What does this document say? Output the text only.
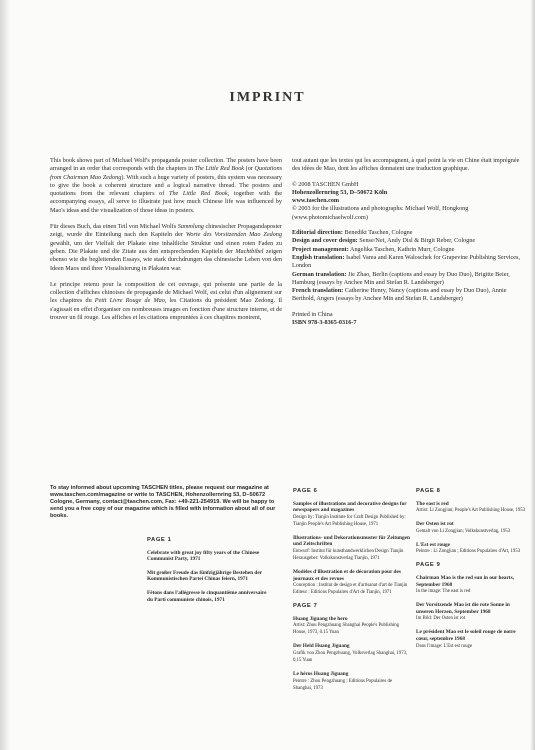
IMPRINT

This book shows part of Michael Wolf's propaganda poster collection. The posters have been arranged in an order that corresponds with the chapters in The Little Red Book (or Quotations from Chairman Mao Zedong). With such a huge variety of posters, this system was necessary to give the book a coherent structure and a logical narrative thread. The posters and quotations from the relevant chapters of The Little Red Book, together with the accompanying essays, all serve to illustrate just how much Chinese life was influenced by Mao's ideas and the visualization of those ideas in posters.

Für dieses Buch, das einen Teil von Michael Wolfs Sammlung chinesischer Propagandaposter zeigt, wurde die Einteilung nach den Kapiteln der Worte des Vorsitzenden Mao Zedong gewählt, um der Vielfalt der Plakate eine inhaltliche Struktur und einen roten Faden zu geben. Die Plakate und die Zitate aus den entsprechenden Kapiteln der Machtbibel zeigen ebenso wie die begleitenden Essays, wie stark durchdrungen das chinesische Leben von den Ideen Maos und ihrer Visualisierung in Plakaten war.

Le principe retenu pour la composition de cet ouvrage, qui présente une partie de la collection d'affiches chinoises de propagande de Michael Wolf, est celui d'un alignement sur les chapitres du Petit Livre Rouge de Mao, les Citations du président Mao Zedong. Il s'agissait en effet d'organiser ces nombreuses images en fonction d'une structure interne, et de trouver un fil rouge. Les affiches et les citations empruntées à ces chapitres montrent,

tout autant que les textes qui les accompagnent, à quel point la vie en Chine était imprégnée des idées de Mao, dont les affiches donnaient une traduction graphique.

© 2008 TASCHEN GmbH
Hohenzollernring 53, D–50672 Köln
www.taschen.com
© 2003 for the illustrations and photographs: Michael Wolf, Hongkong
(www.photomichaelwolf.com)

Editorial direction: Benedikt Taschen, Cologne
Design and cover design: Sense/Net, Andy Disl & Birgit Reber, Cologne
Project management: Angelika Taschen, Kathrin Murr, Cologne
English translation: Isabel Varea and Karen Waloschek for Grapevine Publishing Services, London
German translation: Jie Zhao, Berlin (captions and essay by Duo Duo), Brigitte Beier, Hamburg (essays by Anchee Min and Stefan R. Landsberger)
French translation: Catherine Henry, Nancy (captions and essay by Duo Duo), Annie Berthold, Angers (essays by Anchee Min and Stefan R. Landsberger)

Printed in China
ISBN 978-3-8365-0316-7

To stay informed about upcoming TASCHEN titles, please request our magazine at www.taschen.com/magazine or write to TASCHEN, Hohenzollernring 53, D–50672 Cologne, Germany, contact@taschen.com, Fax: +49-221-254919. We will be happy to send you a free copy of our magazine which is filled with information about all of our books.
PAGE 1
Celebrate with great joy fifty years of the Chinese Communist Party, 1971
Mit großer Freude das fünfzigjährige Bestehen der Kommunistischen Partei Chinas feiern, 1971
Fêtons dans l'allégresse le cinquantième anniversaire du Parti communiste chinois, 1971
PAGE 6
Samples of illustrations and decorative designs for newspapers and magazines
Design by: Tianjin Institute for Craft Design Published by: Tianjin People's Art Publishing House, 1971
Illustrations- und Dekorationsmuster für Zeitungen und Zeitschriften
Entwurf: Institut für kunsthandwerklichen Design Tianjin Herausgeber: Volkskunstverlag Tianjin, 1971
Modèles d'illustration et de décoration pour des journaux et des revues
Conception : Institut de design et d'artisanat d'art de Tianjin Editeur : Editions Populaires d'Art de Tianjin, 1971
PAGE 7
Huang Jiguang the hero
Artist: Zhou Pengzhuang Shanghai People's Publishing House, 1973, 0.15 Yuan
Der Held Huang Jiguang
Grafik von Zhou Pengzhuang, Volksverlag Shanghai, 1973, 0,15 Yuan
Le héros Huang Jiguang
Peintre : Zhou Pengzhuang ; Editions Populaires de Shanghai, 1973
PAGE 8
The east is red
Artist: Li Zongjian; People's Art Publishing House, 1953
Der Osten ist rot
Gemalt von Li Zongjian; Volkskunstverlag, 1953
L'Est est rouge
Peintre : Li Zongjian ; Editions Populaires d'Art, 1953
PAGE 9
Chairman Mao is the red sun in our hearts, September 1968
In the image: The east is red
Der Vorsitzende Mao ist die rote Sonne in unseren Herzen, September 1968
Im Bild: Der Osten ist rot
Le président Mao est le soleil rouge de notre cœur, septembre 1968
Dans l'image: L'Est est rouge
